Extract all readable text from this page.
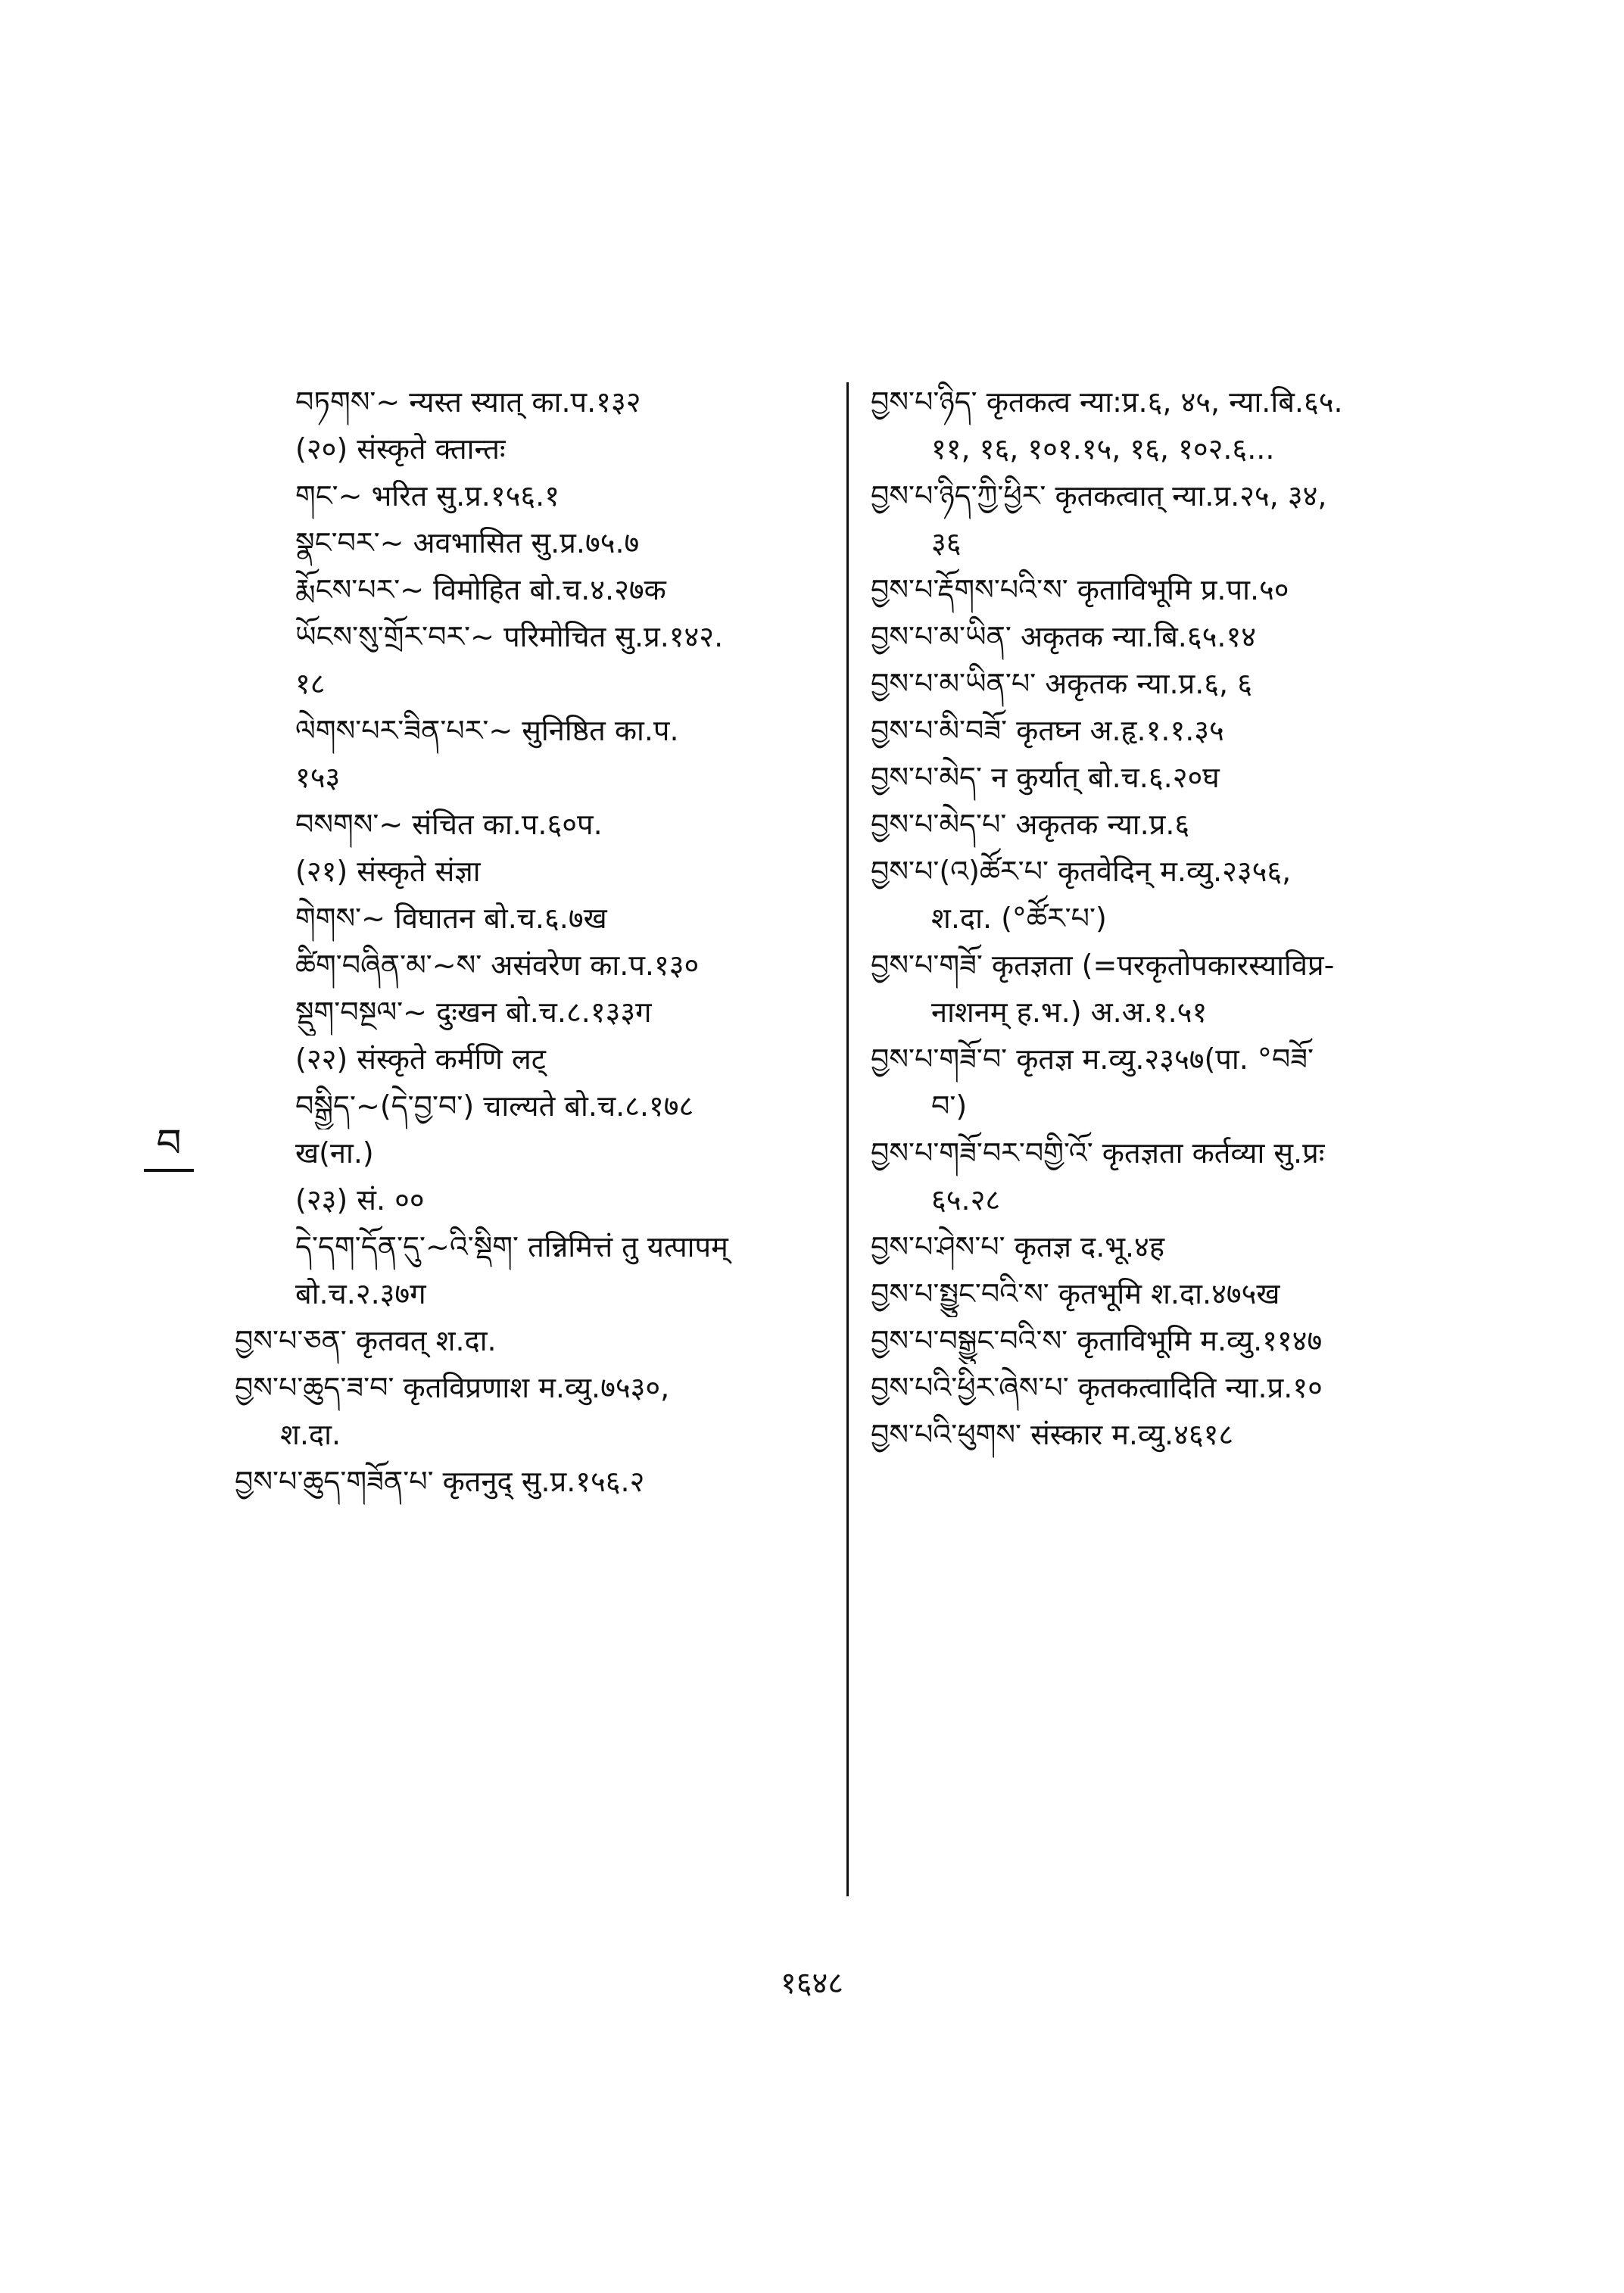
བ
བཏགས་~ न्यस्त स्यात् का.प.१३२
(२०) संस्कृते क्तान्तः
གང་~ भरित सु.प्र.१५६.१
སྣང་བར་~ अवभासित सु.प्र.७५.७
རྨོངས་པར་~ विमोहित बो.च.४.२७क
ཡོངས་སུ་གྲོར་བར་~ परिमोचित सु.प्र.१४२.
१८
ལེགས་པར་ཟིན་པར་~ सुनिष्ठित का.प.
१५३
བསགས་~ संचित का.प.६०प.
(२१) संस्कृते संज्ञा
གེགས་~ विघातन बो.च.६.७ख
ཚིག་བཞིན་མ་~ས་ असंवरेण का.प.१३०
སྡུག་བསྔལ་~ दुःखन बो.च.८.१३३ग
(२२) संस्कृते कर्मणि लट्
བསྒྱིད་~(དེ་བྱ་བ་) चाल्यते बो.च.८.१७८
ख(ना.)
(२३) सं. ००
དེ་དག་དོན་དུ་~འི་སྡིག་ तन्निमित्तं तु यत्पापम्
बो.च.२.३७ग
བྱས་པ་ཅན་ कृतवत् श.दा.
བྱས་པ་ཆུད་ཟ་བ་ कृतविप्रणाश म.व्यु.७५३०,
श.दा.
བྱས་པ་ཆུད་གཟོན་པ་ कृतनुद् सु.प्र.१५६.२
བྱས་པ་ཉིད་ कृतकत्व न्या:प्र.६, ४५, न्या.बि.६५.
११, १६, १०१.१५, १६, १०२.६...
བྱས་པ་ཉིད་ཀྱི་ཕྱིར་ कृतकत्वात् न्या.प्र.२५, ३४,
३६
བྱས་པ་རྡོགས་པའི་ས་ कृताविभूमि प्र.पा.५०
བྱས་པ་མ་ཡིན་ अकृतक न्या.बि.६५.१४
བྱས་པ་མ་ཡིན་པ་ अकृतक न्या.प्र.६, ६
བྱས་པ་མི་བཟོ་ कृतघ्न अ.हृ.१.१.३५
བྱས་པ་མེད་ न कुर्यात् बो.च.६.२०घ
བྱས་པ་མེད་པ་ अकृतक न्या.प्र.६
བྱས་པ་(འ)ཚོར་པ་ कृतवेदिन् म.व्यु.२३५६,
श.दा. (°ཚོར་པ་)
བྱས་པ་གཟོ་ कृतज्ञता (=परकृतोपकारस्याविप्र-
नाशनम् ह.भ.) अ.अ.१.५१
བྱས་པ་གཟོ་བ་ कृतज्ञ म.व्यु.२३५७(पा. °བཟོ་
བ་)
བྱས་པ་གཟོ་བར་བགྱི་འོ་ कृतज्ञता कर्तव्या सु.प्रः
६५.२८
བྱས་པ་ཤེས་པ་ कृतज्ञ द.भू.४ह
བྱས་པ་སྤྱུང་བའི་ས་ कृतभूमि श.दा.४७५ख
བྱས་པ་བསྒྱུང་བའི་ས་ कृताविभूमि म.व्यु.११४७
བྱས་པའི་ཕྱིར་ཞེས་པ་ कृतकत्वादिति न्या.प्र.१०
བྱས་པའི་ཕུགས་ संस्कार म.व्यु.४६१८
१६४८
